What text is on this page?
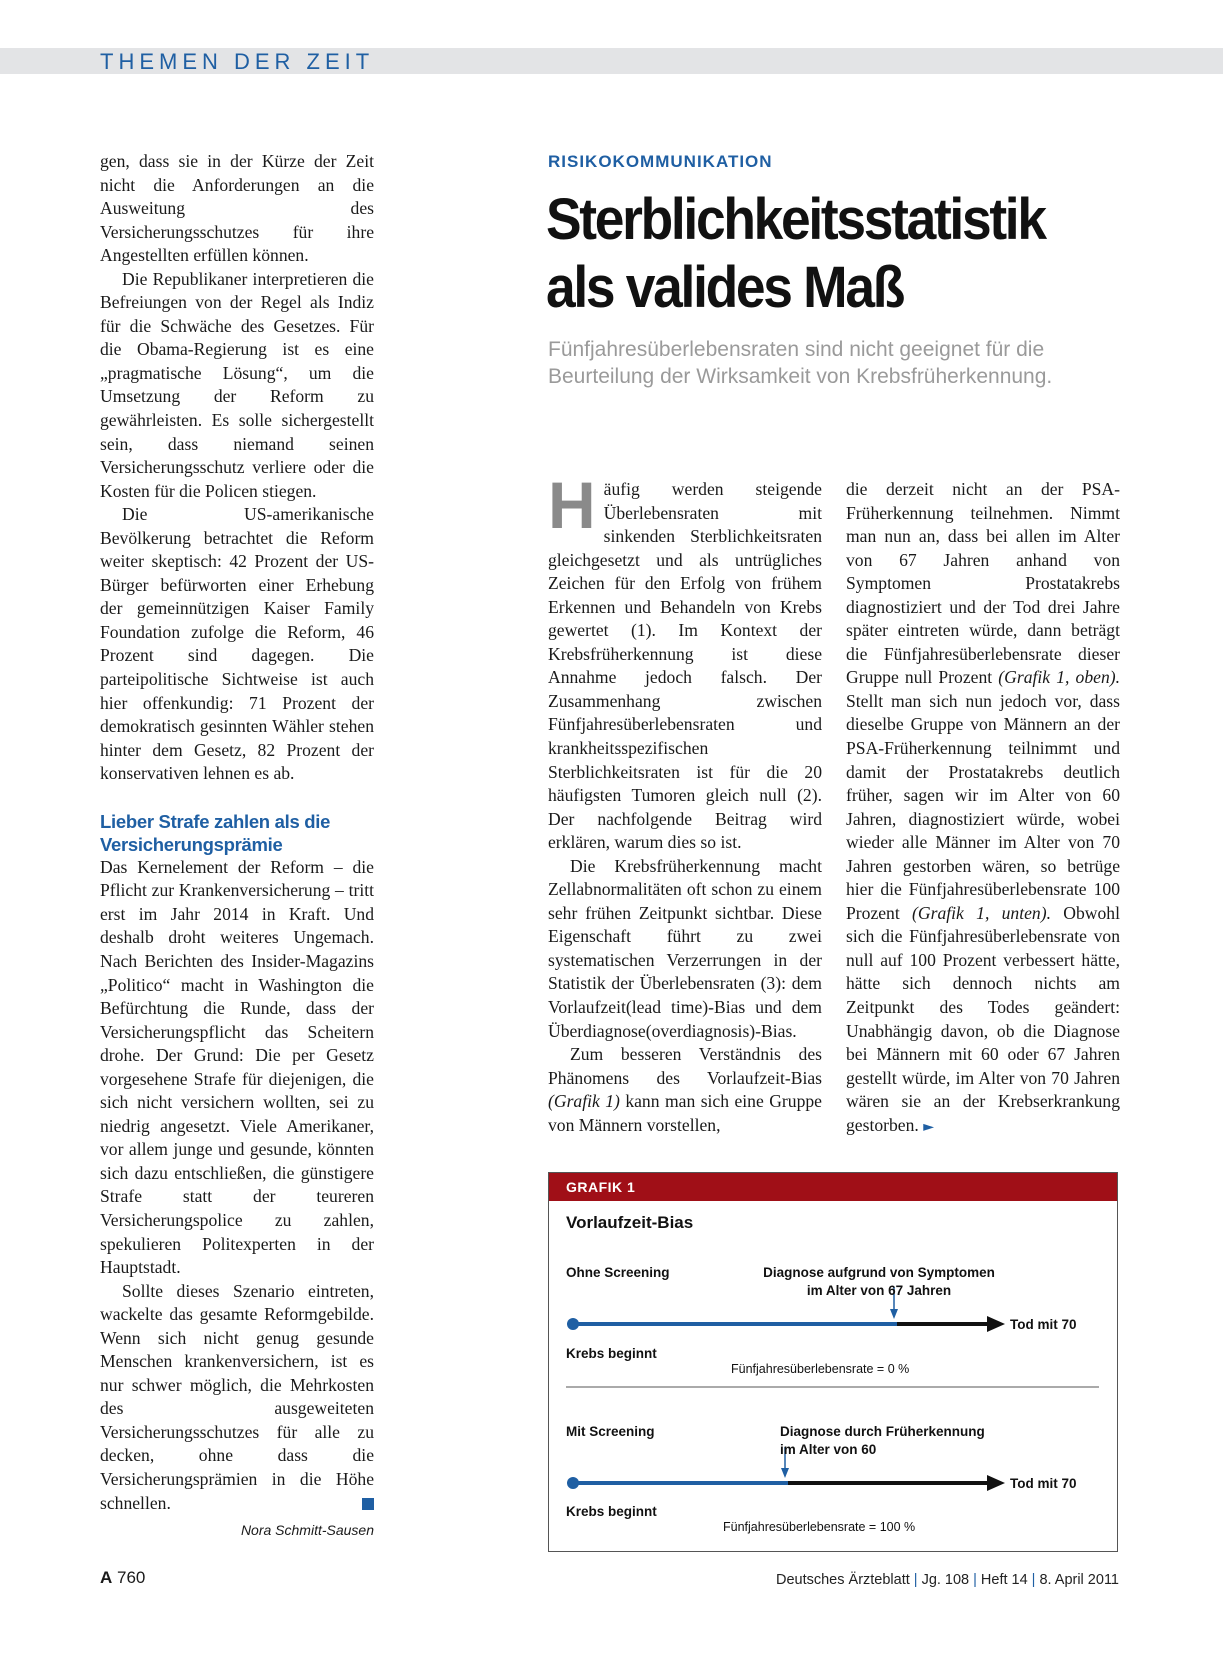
THEMEN DER ZEIT

gen, dass sie in der Kürze der Zeit nicht die Anforderungen an die Ausweitung des Versicherungsschutzes für ihre Angestellten erfüllen können.

Die Republikaner interpretieren die Befreiungen von der Regel als Indiz für die Schwäche des Gesetzes. Für die Obama-Regierung ist es eine „pragmatische Lösung“, um die Umsetzung der Reform zu gewährleisten. Es solle sichergestellt sein, dass niemand seinen Versicherungsschutz verliere oder die Kosten für die Policen stiegen.

Die US-amerikanische Bevölkerung betrachtet die Reform weiter skeptisch: 42 Prozent der US-Bürger befürworten einer Erhebung der gemeinnützigen Kaiser Family Foundation zufolge die Reform, 46 Prozent sind dagegen. Die parteipolitische Sichtweise ist auch hier offenkundig: 71 Prozent der demokratisch gesinnten Wähler stehen hinter dem Gesetz, 82 Prozent der konservativen lehnen es ab.

Lieber Strafe zahlen als die Versicherungsprämie

Das Kernelement der Reform – die Pflicht zur Krankenversicherung – tritt erst im Jahr 2014 in Kraft. Und deshalb droht weiteres Ungemach. Nach Berichten des Insider-Magazins „Politico“ macht in Washington die Befürchtung die Runde, dass der Versicherungspflicht das Scheitern drohe. Der Grund: Die per Gesetz vorgesehene Strafe für diejenigen, die sich nicht versichern wollten, sei zu niedrig angesetzt. Viele Amerikaner, vor allem junge und gesunde, könnten sich dazu entschließen, die günstigere Strafe statt der teureren Versicherungspolice zu zahlen, spekulieren Politexperten in der Hauptstadt.

Sollte dieses Szenario eintreten, wackelte das gesamte Reformgebilde. Wenn sich nicht genug gesunde Menschen krankenversichern, ist es nur schwer möglich, die Mehrkosten des ausgeweiteten Versicherungsschutzes für alle zu decken, ohne dass die Versicherungsprämien in die Höhe schnellen.

Nora Schmitt-Sausen
RISIKOKOMMUNIKATION
Sterblichkeitsstatistik
als valides Maß
Fünfjahresüberlebensraten sind nicht geeignet für die Beurteilung der Wirksamkeit von Krebsfrüherkennung.

Häufig werden steigende Überlebensraten mit sinkenden Sterblichkeitsraten gleichgesetzt und als untrügliches Zeichen für den Erfolg von frühem Erkennen und Behandeln von Krebs gewertet (1). Im Kontext der Krebsfrüherkennung ist diese Annahme jedoch falsch. Der Zusammenhang zwischen Fünfjahresüberlebensraten und krankheitsspezifischen Sterblichkeitsraten ist für die 20 häufigsten Tumoren gleich null (2). Der nachfolgende Beitrag wird erklären, warum dies so ist.

Die Krebsfrüherkennung macht Zellabnormalitäten oft schon zu einem sehr frühen Zeitpunkt sichtbar. Diese Eigenschaft führt zu zwei systematischen Verzerrungen in der Statistik der Überlebensraten (3): dem Vorlaufzeit(lead time)-Bias und dem Überdiagnose(overdiagnosis)-Bias.

Zum besseren Verständnis des Phänomens des Vorlaufzeit-Bias (Grafik 1) kann man sich eine Gruppe von Männern vorstellen,

die derzeit nicht an der PSA-Früherkennung teilnehmen. Nimmt man nun an, dass bei allen im Alter von 67 Jahren anhand von Symptomen Prostatakrebs diagnostiziert und der Tod drei Jahre später eintreten würde, dann beträgt die Fünfjahresüberlebensrate dieser Gruppe null Prozent (Grafik 1, oben). Stellt man sich nun jedoch vor, dass dieselbe Gruppe von Männern an der PSA-Früherkennung teilnimmt und damit der Prostatakrebs deutlich früher, sagen wir im Alter von 60 Jahren, diagnostiziert würde, wobei wieder alle Männer im Alter von 70 Jahren gestorben wären, so betrüge hier die Fünfjahresüberlebensrate 100 Prozent (Grafik 1, unten). Obwohl sich die Fünfjahresüberlebensrate von null auf 100 Prozent verbessert hätte, hätte sich dennoch nichts am Zeitpunkt des Todes geändert: Unabhängig davon, ob die Diagnose bei Männern mit 60 oder 67 Jahren gestellt würde, im Alter von 70 Jahren wären sie an der Krebserkrankung gestorben. ►

GRAFIK 1
Vorlaufzeit-Bias
Ohne Screening	Diagnose aufgrund von Symptomen
im Alter von 67 Jahren
Tod mit 70
Krebs beginnt
Fünfjahresüberlebensrate = 0 %
Mit Screening	Diagnose durch Früherkennung
im Alter von 60
Tod mit 70
Krebs beginnt
Fünfjahresüberlebensrate = 100 %
A 760	Deutsches Ärzteblatt | Jg. 108 | Heft 14 | 8. April 2011
